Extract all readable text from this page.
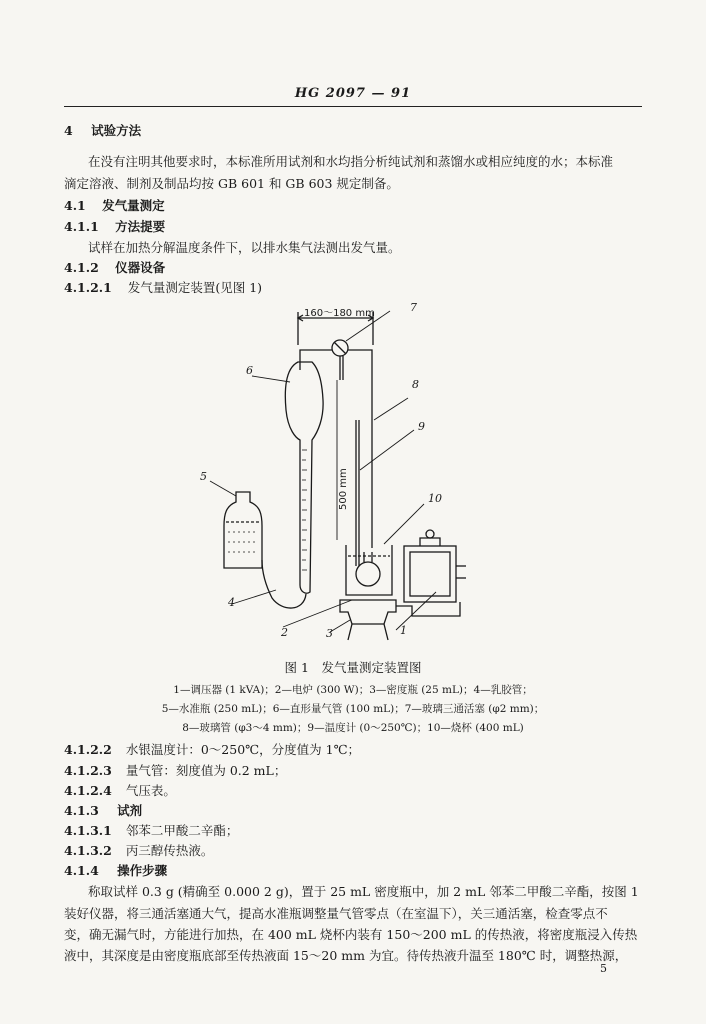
HG 2097 — 91
4 试验方法
在没有注明其他要求时，本标准所用试剂和水均指分析纯试剂和蒸馏水或相应纯度的水；本标准
滴定溶液、制剂及制品均按 GB 601 和 GB 603 规定制备。
4.1 发气量测定
4.1.1 方法提要
试样在加热分解温度条件下，以排水集气法测出发气量。
4.1.2 仪器设备
4.1.2.1 发气量测定装置(见图 1)
7
8
9
10
6
5
4
2	3	1
160～180 mm
500 mm
图 1　发气量测定装置图
1—调压器 (1 kVA)；2—电炉 (300 W)；3—密度瓶 (25 mL)；4—乳胶管；
5—水准瓶 (250 mL)；6—直形量气管 (100 mL)；7—玻璃三通活塞 (φ2 mm)；
8—玻璃管 (φ3～4 mm)；9—温度计 (0～250℃)；10—烧杯 (400 mL)
4.1.2.2 水银温度计：0～250℃，分度值为 1℃；
4.1.2.3 量气管：刻度值为 0.2 mL；
4.1.2.4 气压表。
4.1.3 试剂
4.1.3.1 邻苯二甲酸二辛酯；
4.1.3.2 丙三醇传热液。
4.1.4 操作步骤
称取试样 0.3 g (精确至 0.000 2 g)，置于 25 mL 密度瓶中，加 2 mL 邻苯二甲酸二辛酯，按图 1
装好仪器，将三通活塞通大气，提高水准瓶调整量气管零点（在室温下），关三通活塞，检查零点不
变，确无漏气时，方能进行加热，在 400 mL 烧杯内装有 150～200 mL 的传热液，将密度瓶浸入传热
液中，其深度是由密度瓶底部至传热液面 15～20 mm 为宜。待传热液升温至 180℃ 时，调整热源，
5
